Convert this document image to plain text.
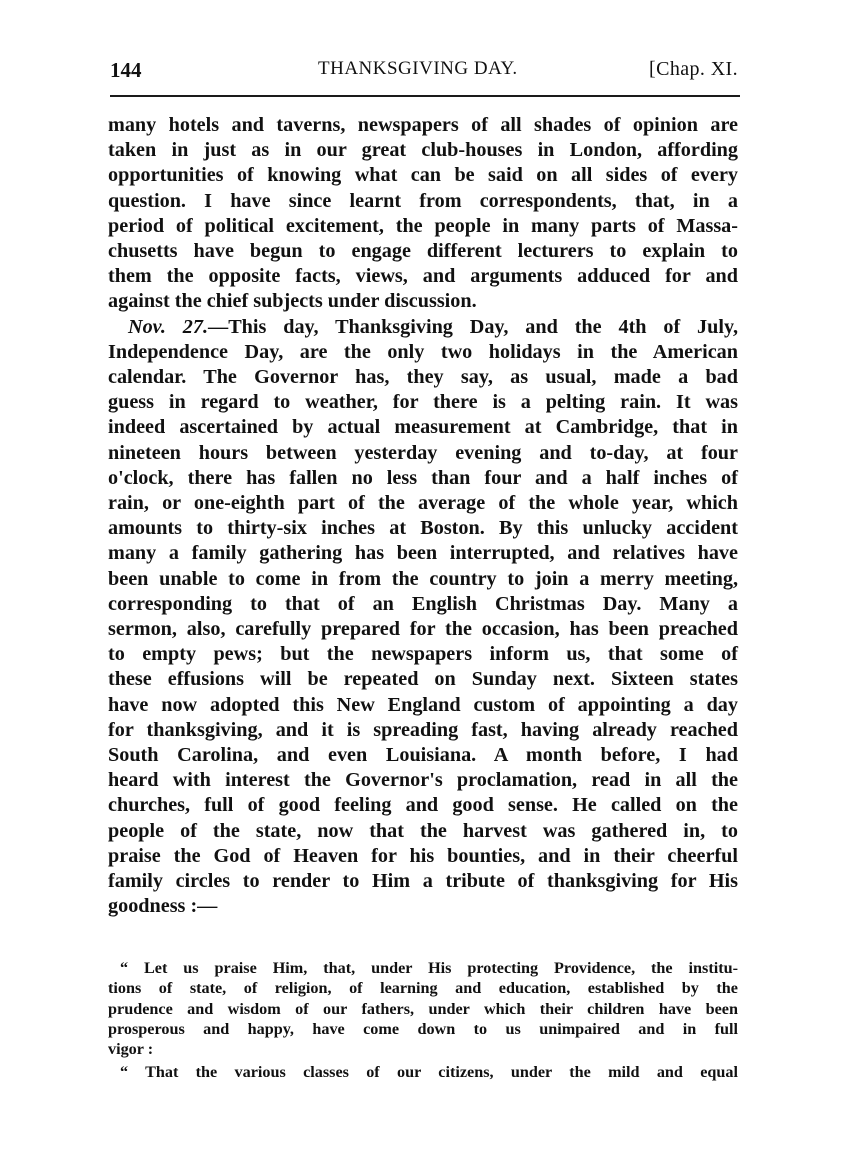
144	THANKSGIVING DAY.	[Chap. XI.
many hotels and taverns, newspapers of all shades of opinion are
taken in just as in our great club-houses in London, affording
opportunities of knowing what can be said on all sides of every
question. I have since learnt from correspondents, that, in a
period of political excitement, the people in many parts of Massa-
chusetts have begun to engage different lecturers to explain to
them the opposite facts, views, and arguments adduced for and
against the chief subjects under discussion.
Nov. 27.—This day, Thanksgiving Day, and the 4th of July,
Independence Day, are the only two holidays in the American
calendar. The Governor has, they say, as usual, made a bad
guess in regard to weather, for there is a pelting rain. It was
indeed ascertained by actual measurement at Cambridge, that in
nineteen hours between yesterday evening and to-day, at four
o'clock, there has fallen no less than four and a half inches of
rain, or one-eighth part of the average of the whole year, which
amounts to thirty-six inches at Boston. By this unlucky accident
many a family gathering has been interrupted, and relatives have
been unable to come in from the country to join a merry meeting,
corresponding to that of an English Christmas Day. Many a
sermon, also, carefully prepared for the occasion, has been preached
to empty pews; but the newspapers inform us, that some of
these effusions will be repeated on Sunday next. Sixteen states
have now adopted this New England custom of appointing a day
for thanksgiving, and it is spreading fast, having already reached
South Carolina, and even Louisiana. A month before, I had
heard with interest the Governor's proclamation, read in all the
churches, full of good feeling and good sense. He called on the
people of the state, now that the harvest was gathered in, to
praise the God of Heaven for his bounties, and in their cheerful
family circles to render to Him a tribute of thanksgiving for His
goodness :—
“ Let us praise Him, that, under His protecting Providence, the institu-
tions of state, of religion, of learning and education, established by the
prudence and wisdom of our fathers, under which their children have been
prosperous and happy, have come down to us unimpaired and in full
vigor :
“ That the various classes of our citizens, under the mild and equal
